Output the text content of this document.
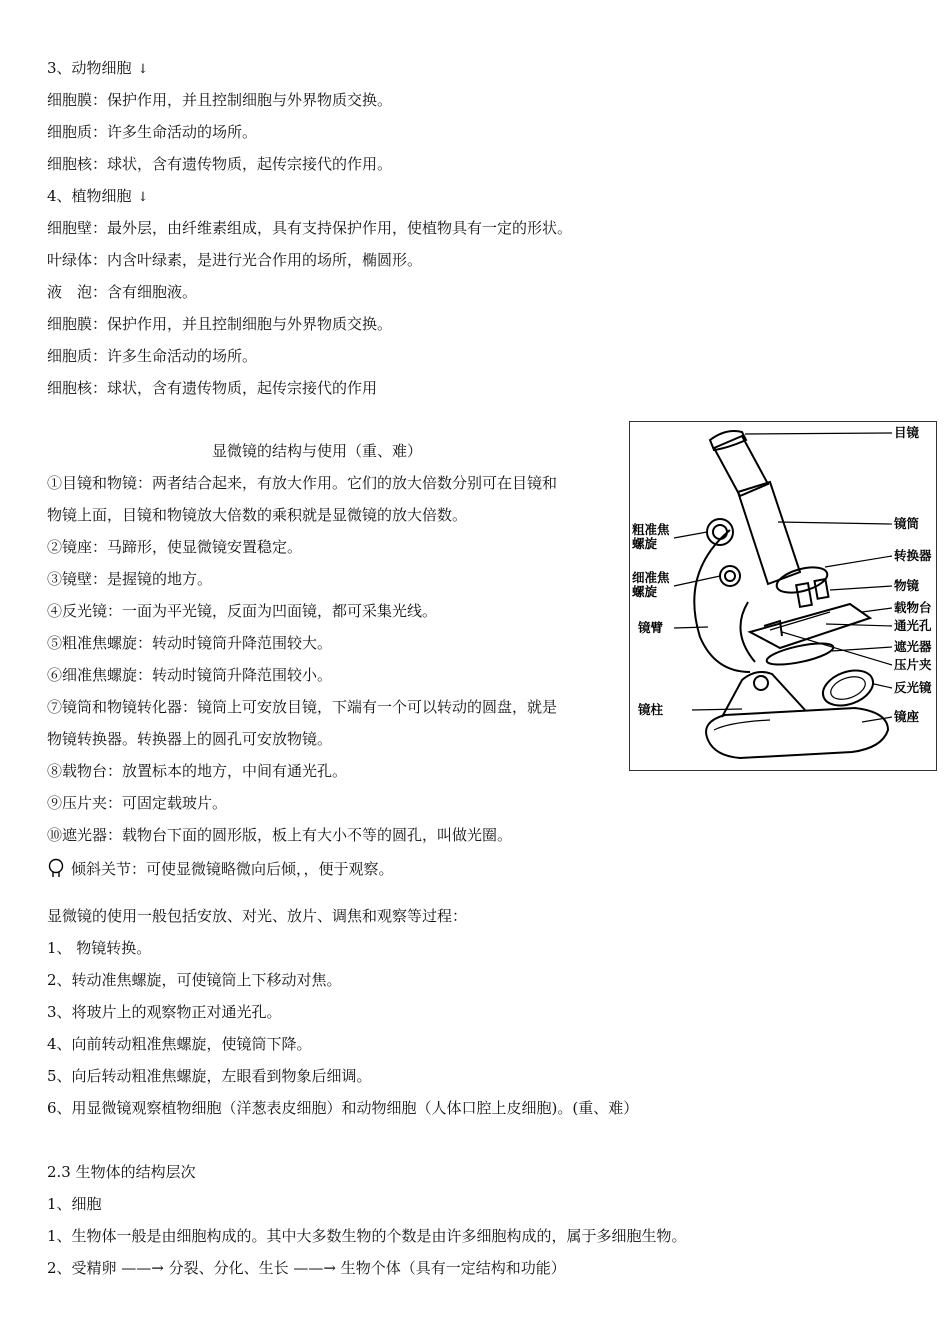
3、动物细胞 ↓
细胞膜：保护作用，并且控制细胞与外界物质交换。
细胞质：许多生命活动的场所。
细胞核：球状，含有遗传物质，起传宗接代的作用。
4、植物细胞 ↓
细胞壁：最外层，由纤维素组成，具有支持保护作用，使植物具有一定的形状。
叶绿体：内含叶绿素，是进行光合作用的场所，椭圆形。
液　泡：含有细胞液。
细胞膜：保护作用，并且控制细胞与外界物质交换。
细胞质：许多生命活动的场所。
细胞核：球状，含有遗传物质，起传宗接代的作用
显微镜的结构与使用（重、难）
①目镜和物镜：两者结合起来，有放大作用。它们的放大倍数分别可在目镜和
物镜上面，目镜和物镜放大倍数的乘积就是显微镜的放大倍数。
②镜座：马蹄形，使显微镜安置稳定。
③镜壁：是握镜的地方。
④反光镜：一面为平光镜，反面为凹面镜，都可采集光线。
⑤粗准焦螺旋：转动时镜筒升降范围较大。
⑥细准焦螺旋：转动时镜筒升降范围较小。
⑦镜筒和物镜转化器：镜筒上可安放目镜，下端有一个可以转动的圆盘，就是
物镜转换器。转换器上的圆孔可安放物镜。
⑧载物台：放置标本的地方，中间有通光孔。
⑨压片夹：可固定载玻片。
⑩遮光器：载物台下面的圆形版，板上有大小不等的圆孔，叫做光圈。
倾斜关节：可使显微镜略微向后倾，，便于观察。
目镜
镜筒
转换器
物镜
载物台
通光孔
遮光器
压片夹
反光镜
镜座
粗准焦
螺旋
细准焦
螺旋
镜臂
镜柱
显微镜的使用一般包括安放、对光、放片、调焦和观察等过程：
1、 物镜转换。
2、转动准焦螺旋，可使镜筒上下移动对焦。
3、将玻片上的观察物正对通光孔。
4、向前转动粗准焦螺旋，使镜筒下降。
5、向后转动粗准焦螺旋，左眼看到物象后细调。
6、用显微镜观察植物细胞（洋葱表皮细胞）和动物细胞（人体口腔上皮细胞)。(重、难）
2.3 生物体的结构层次
1、细胞
1、生物体一般是由细胞构成的。其中大多数生物的个数是由许多细胞构成的，属于多细胞生物。
2、受精卵 ——→ 分裂、分化、生长 ——→ 生物个体（具有一定结构和功能）
